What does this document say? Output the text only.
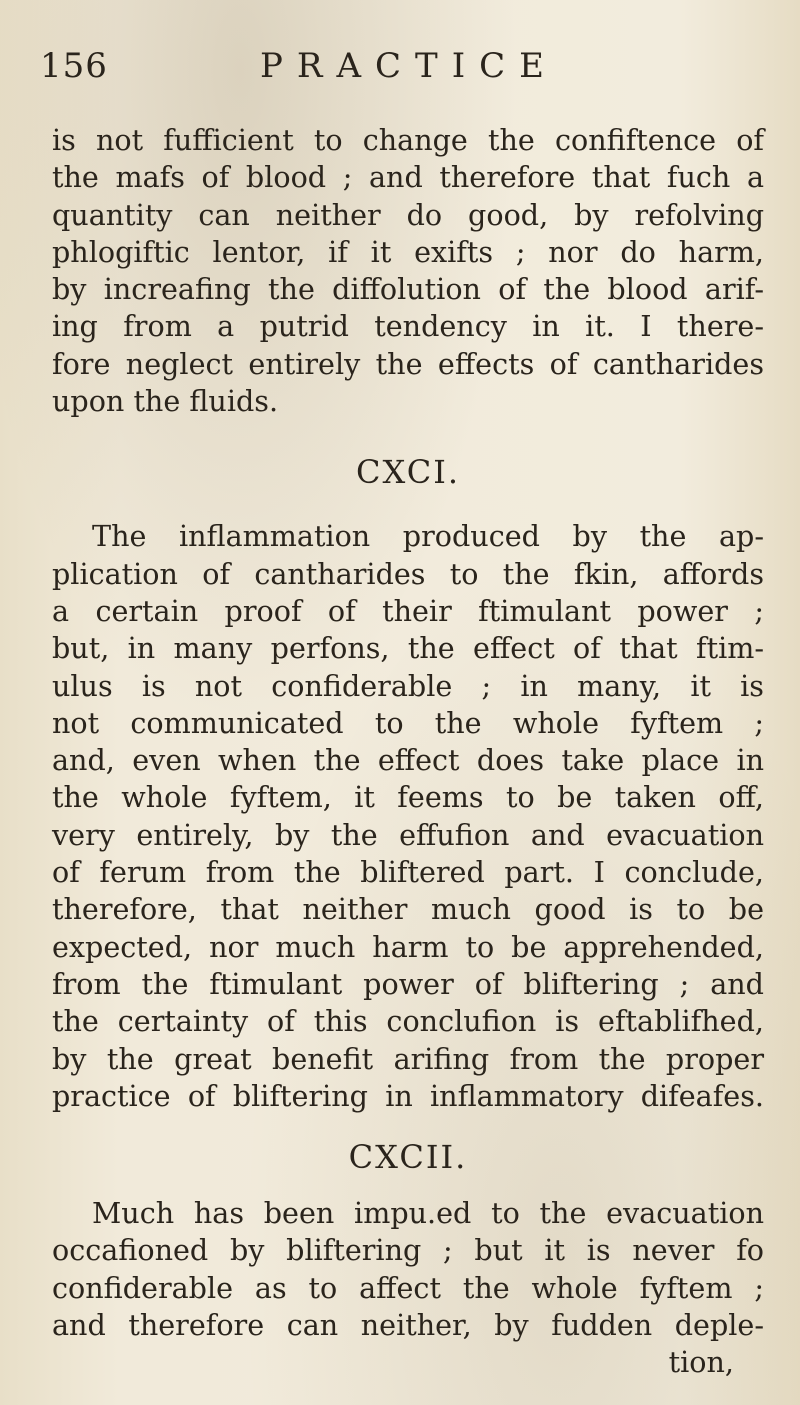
156	PRACTICE
is not fufficient to change the confiftence of
the mafs of blood ; and therefore that fuch a
quantity can neither do good, by refolving
phlogiftic lentor, if it exifts ; nor do harm,
by increafing the diffolution of the blood arif-
ing from a putrid tendency in it. I there-
fore neglect entirely the effects of cantharides
upon the fluids.
CXCI.
The inflammation produced by the ap-
plication of cantharides to the fkin, affords
a certain proof of their ftimulant power ;
but, in many perfons, the effect of that ftim-
ulus is not confiderable ; in many, it is
not communicated to the whole fyftem ;
and, even when the effect does take place in
the whole fyftem, it feems to be taken off,
very entirely, by the effufion and evacuation
of ferum from the bliftered part. I conclude,
therefore, that neither much good is to be
expected, nor much harm to be apprehended,
from the ftimulant power of bliftering ; and
the certainty of this conclufion is eftablifhed,
by the great benefit arifing from the proper
practice of bliftering in inflammatory difeafes.
CXCII.
Much has been impu.ed to the evacuation
occafioned by bliftering ; but it is never fo
confiderable as to affect the whole fyftem ;
and therefore can neither, by fudden deple-
tion,
